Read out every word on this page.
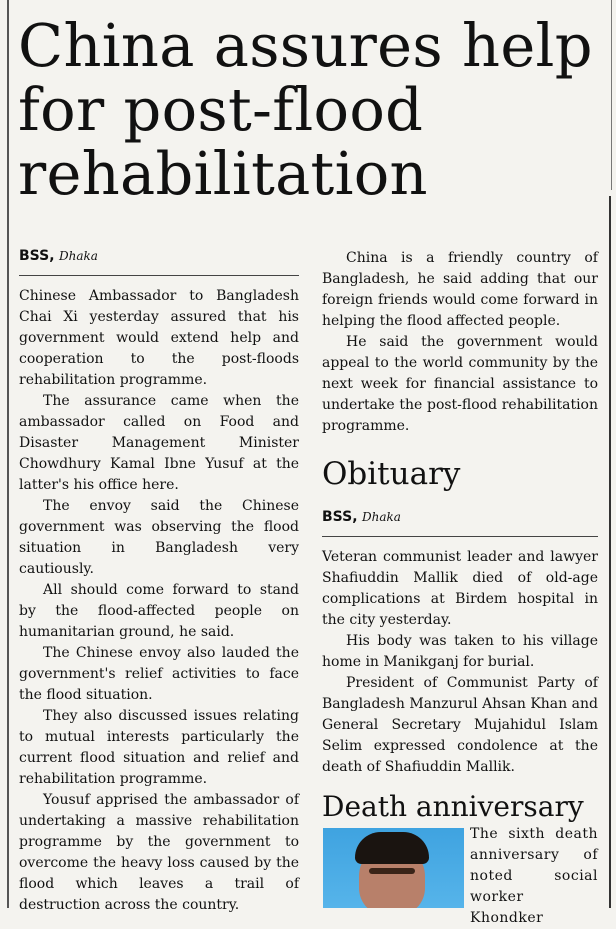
China assures help
for post-flood
rehabilitation
BSS, Dhaka

Chinese Ambassador to Bangladesh Chai Xi yesterday assured that his government would extend help and cooperation to the post-floods rehabilitation programme.

The assurance came when the ambassador called on Food and Disaster Management Minister Chowdhury Kamal Ibne Yusuf at the latter's his office here.

The envoy said the Chinese government was observing the flood situation in Bangladesh very cautiously.

All should come forward to stand by the flood-affected people on humanitarian ground, he said.

The Chinese envoy also lauded the government's relief activities to face the flood situation.

They also discussed issues relating to mutual interests particularly the current flood situation and relief and rehabilitation programme.

Yousuf apprised the ambassador of undertaking a massive rehabilitation programme by the government to overcome the heavy loss caused by the flood which leaves a trail of destruction across the country.

China is a friendly country of Bangladesh, he said adding that our foreign friends would come forward in helping the flood affected people.

He said the government would appeal to the world community by the next week for financial assistance to undertake the post-flood rehabilitation programme.

Obituary
BSS, Dhaka

Veteran communist leader and lawyer Shafiuddin Mallik died of old-age complications at Birdem hospital in the city yesterday.

His body was taken to his village home in Manikganj for burial.

President of Communist Party of Bangladesh Manzurul Ahsan Khan and General Secretary Mujahidul Islam Selim expressed condolence at the death of Shafiuddin Mallik.

Death anniversary

The sixth death

anniversary of

noted social

worker Khondker
